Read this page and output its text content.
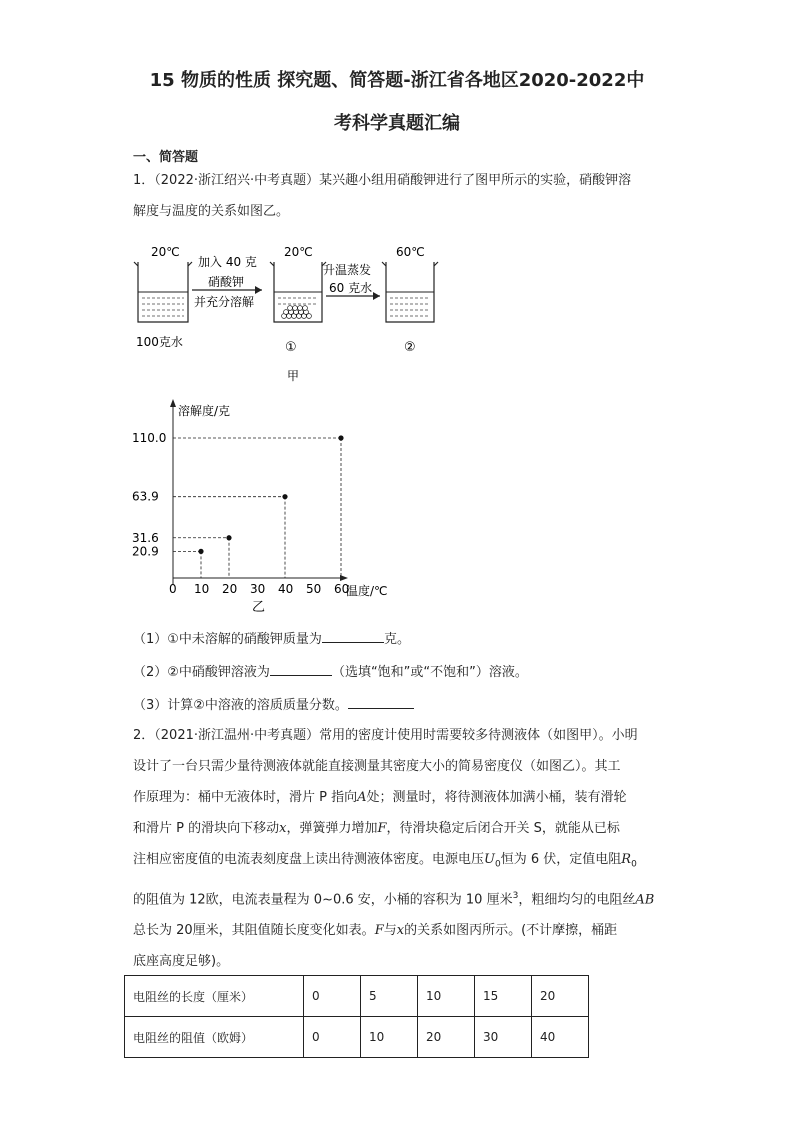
15 物质的性质 探究题、简答题-浙江省各地区2020-2022中
考科学真题汇编
一、简答题
1．（2022·浙江绍兴·中考真题）某兴趣小组用硝酸钾进行了图甲所示的实验，硝酸钾溶
解度与温度的关系如图乙。
20℃
100克水
加入 40 克
硝酸钾
并充分溶解
20℃
①
升温蒸发
60 克水
60℃
②
甲
溶解度/克
温度/℃
乙
0 10 20 30 40 50 60
20.9
31.6
63.9
110.0
（1）①中未溶解的硝酸钾质量为	克。
（2）②中硝酸钾溶液为	（选填“饱和”或“不饱和”）溶液。
（3）计算②中溶液的溶质质量分数。
2．（2021·浙江温州·中考真题）常用的密度计使用时需要较多待测液体（如图甲）。小明
设计了一台只需少量待测液体就能直接测量其密度大小的简易密度仪（如图乙）。其工
作原理为：桶中无液体时，滑片 P 指向A处；测量时，将待测液体加满小桶，装有滑轮
和滑片 P 的滑块向下移动x，弹簧弹力增加F，待滑块稳定后闭合开关 S，就能从已标
注相应密度值的电流表刻度盘上读出待测液体密度。电源电压$U_0$恒为 6 伏，定值电阻$R_0$
的阻值为 12欧，电流表量程为 0~0.6 安，小桶的容积为 10 厘米$^3$，粗细均匀的电阻丝AB
总长为 20厘米，其阻值随长度变化如表。F与x的关系如图丙所示。(不计摩擦，桶距
底座高度足够)。
电阻丝的长度（厘米）	0	5	10	15	20
电阻丝的阻值（欧姆）	0	10	20	30	40
